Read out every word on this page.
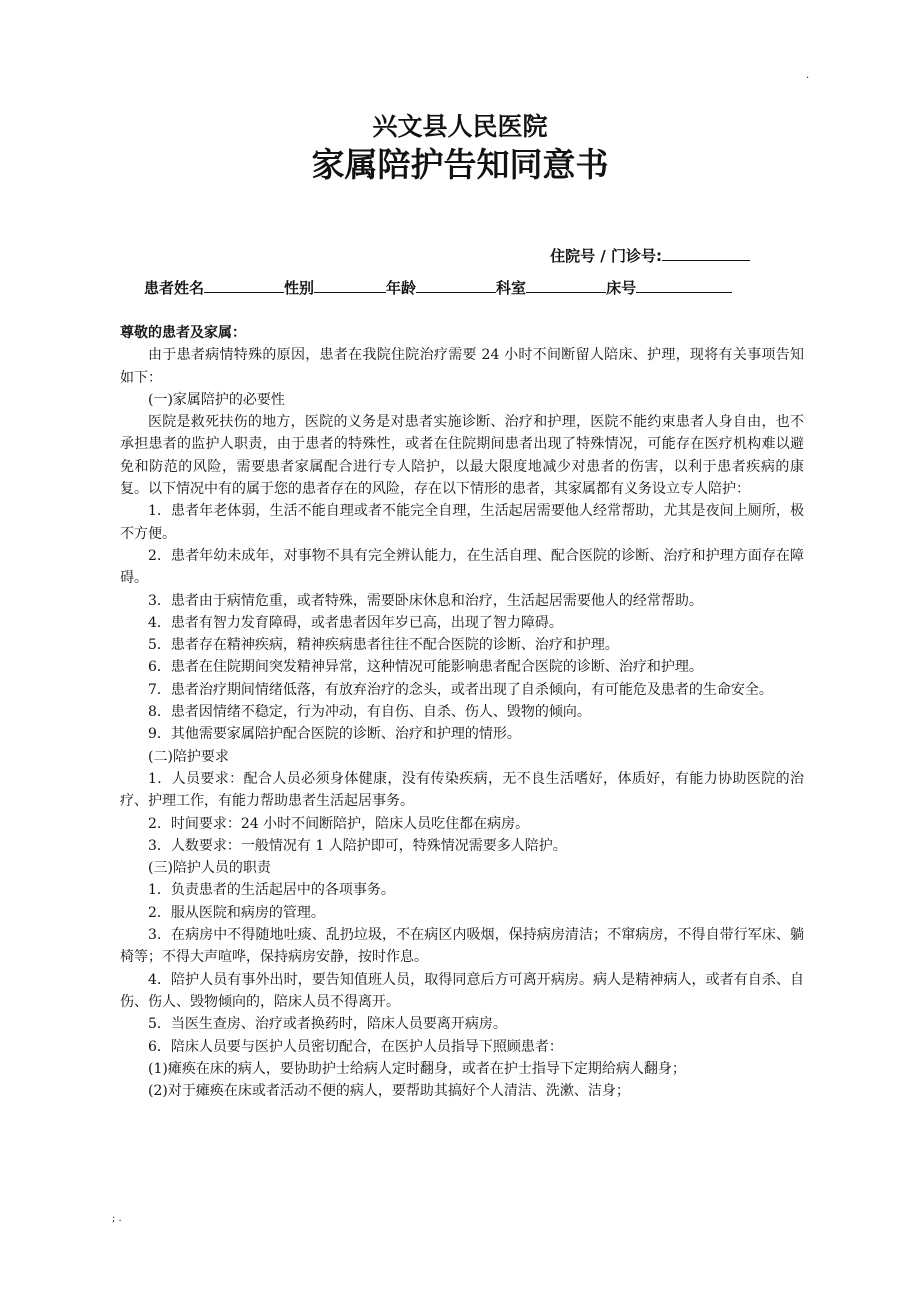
.
兴文县人民医院
家属陪护告知同意书
住院号 / 门诊号:
患者姓名	性别	年龄	科室	床号

尊敬的患者及家属：

由于患者病情特殊的原因，患者在我院住院治疗需要 24 小时不间断留人陪床、护理，现将有关事项告知如下：

(一)家属陪护的必要性

医院是救死扶伤的地方，医院的义务是对患者实施诊断、治疗和护理，医院不能约束患者人身自由，也不承担患者的监护人职责，由于患者的特殊性，或者在住院期间患者出现了特殊情况，可能存在医疗机构难以避免和防范的风险，需要患者家属配合进行专人陪护，以最大限度地减少对患者的伤害，以利于患者疾病的康复。以下情况中有的属于您的患者存在的风险，存在以下情形的患者，其家属都有义务设立专人陪护：

1．患者年老体弱，生活不能自理或者不能完全自理，生活起居需要他人经常帮助，尤其是夜间上厕所，极不方便。

2．患者年幼未成年，对事物不具有完全辨认能力，在生活自理、配合医院的诊断、治疗和护理方面存在障碍。

3．患者由于病情危重，或者特殊，需要卧床休息和治疗，生活起居需要他人的经常帮助。

4．患者有智力发育障碍，或者患者因年岁已高，出现了智力障碍。

5．患者存在精神疾病，精神疾病患者往往不配合医院的诊断、治疗和护理。

6．患者在住院期间突发精神异常，这种情况可能影响患者配合医院的诊断、治疗和护理。

7．患者治疗期间情绪低落，有放弃治疗的念头，或者出现了自杀倾向，有可能危及患者的生命安全。

8．患者因情绪不稳定，行为冲动，有自伤、自杀、伤人、毁物的倾向。

9．其他需要家属陪护配合医院的诊断、治疗和护理的情形。

(二)陪护要求

1．人员要求：配合人员必须身体健康，没有传染疾病，无不良生活嗜好，体质好，有能力协助医院的治疗、护理工作，有能力帮助患者生活起居事务。

2．时间要求：24 小时不间断陪护，陪床人员吃住都在病房。

3．人数要求：一般情况有 1 人陪护即可，特殊情况需要多人陪护。

(三)陪护人员的职责

1．负责患者的生活起居中的各项事务。

2．服从医院和病房的管理。

3．在病房中不得随地吐痰、乱扔垃圾，不在病区内吸烟，保持病房清洁；不窜病房，不得自带行军床、躺椅等；不得大声喧哗，保持病房安静，按时作息。

4．陪护人员有事外出时，要告知值班人员，取得同意后方可离开病房。病人是精神病人，或者有自杀、自伤、伤人、毁物倾向的，陪床人员不得离开。

5．当医生查房、治疗或者换药时，陪床人员要离开病房。

6．陪床人员要与医护人员密切配合，在医护人员指导下照顾患者：

(1)瘫痪在床的病人，要协助护士给病人定时翻身，或者在护士指导下定期给病人翻身；

(2)对于瘫痪在床或者活动不便的病人，要帮助其搞好个人清洁、洗漱、洁身；

; .
